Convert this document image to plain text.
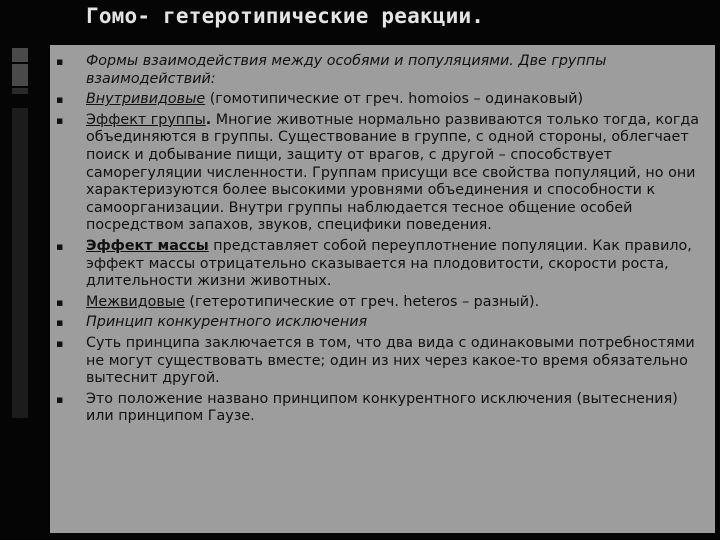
Гомо- гетеротипические реакции.
▪ Формы взаимодействия между особями и популяциями. Две группы взаимодействий:
▪ Внутривидовые (гомотипические от греч. homoios – одинаковый)
▪ Эффект группы. Многие животные нормально развиваются только тогда, когда объединяются в группы. Существование в группе, с одной стороны, облегчает поиск и добывание пищи, защиту от врагов, с другой – способствует саморегуляции численности. Группам присущи все свойства популяций, но они характеризуются более высокими уровнями объединения и способности к самоорганизации. Внутри группы наблюдается тесное общение особей посредством запахов, звуков, специфики поведения.
▪ Эффект массы представляет собой переуплотнение популяции. Как правило, эффект массы отрицательно сказывается на плодовитости, скорости роста, длительности жизни животных.
▪ Межвидовые (гетеротипические от греч. heteros – разный).
▪ Принцип конкурентного исключения
▪ Суть принципа заключается в том, что два вида с одинаковыми потребностями не могут существовать вместе; один из них через какое-то время обязательно вытеснит другой.
▪ Это положение названо принципом конкурентного исключения (вытеснения) или принципом Гаузе.
